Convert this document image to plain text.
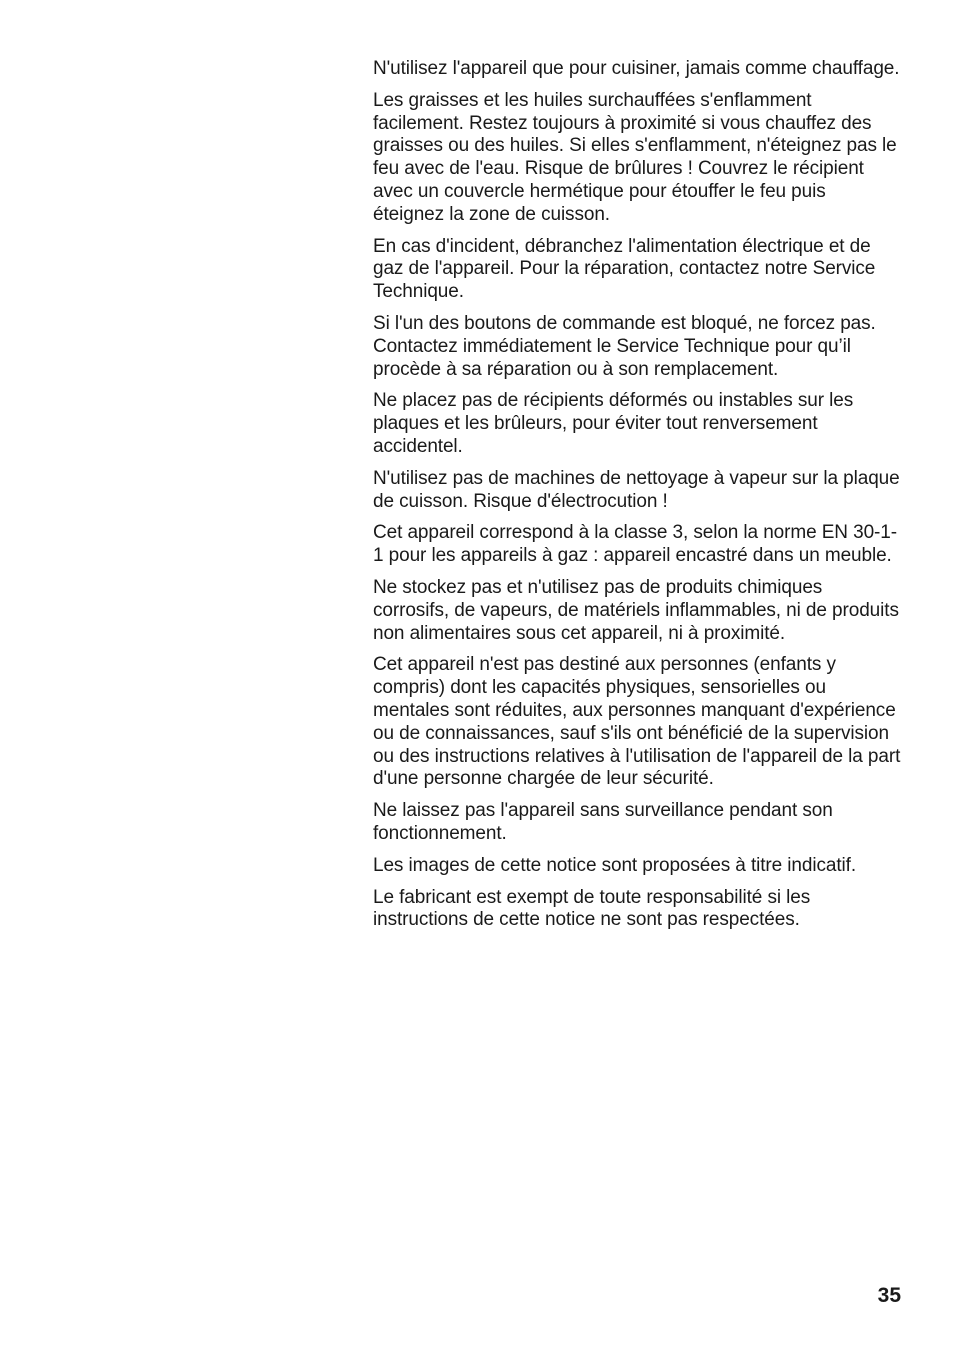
N'utilisez l'appareil que pour cuisiner, jamais comme chauffage.

Les graisses et les huiles surchauffées s'enflamment facilement. Restez toujours à proximité si vous chauffez des graisses ou des huiles. Si elles s'enflamment, n'éteignez pas le feu avec de l'eau. Risque de brûlures ! Couvrez le récipient avec un couvercle hermétique pour étouffer le feu puis éteignez la zone de cuisson.

En cas d'incident, débranchez l'alimentation électrique et de gaz de l'appareil. Pour la réparation, contactez notre Service Technique.

Si l'un des boutons de commande est bloqué, ne forcez pas. Contactez immédiatement le Service Technique pour qu’il procède à sa réparation ou à son remplacement.

Ne placez pas de récipients déformés ou instables sur les plaques et les brûleurs, pour éviter tout renversement accidentel.

N'utilisez pas de machines de nettoyage à vapeur sur la plaque de cuisson. Risque d'électrocution !

Cet appareil correspond à la classe 3, selon la norme EN 30-1-1 pour les appareils à gaz : appareil encastré dans un meuble.

Ne stockez pas et n'utilisez pas de produits chimiques corrosifs, de vapeurs, de matériels inflammables, ni de produits non alimentaires sous cet appareil, ni à proximité.

Cet appareil n'est pas destiné aux personnes (enfants y compris) dont les capacités physiques, sensorielles ou mentales sont réduites, aux personnes manquant d'expérience ou de connaissances, sauf s'ils ont bénéficié de la supervision ou des instructions relatives à l'utilisation de l'appareil de la part d'une personne chargée de leur sécurité.

Ne laissez pas l'appareil sans surveillance pendant son fonctionnement.

Les images de cette notice sont proposées à titre indicatif.

Le fabricant est exempt de toute responsabilité si les instructions de cette notice ne sont pas respectées.

35
